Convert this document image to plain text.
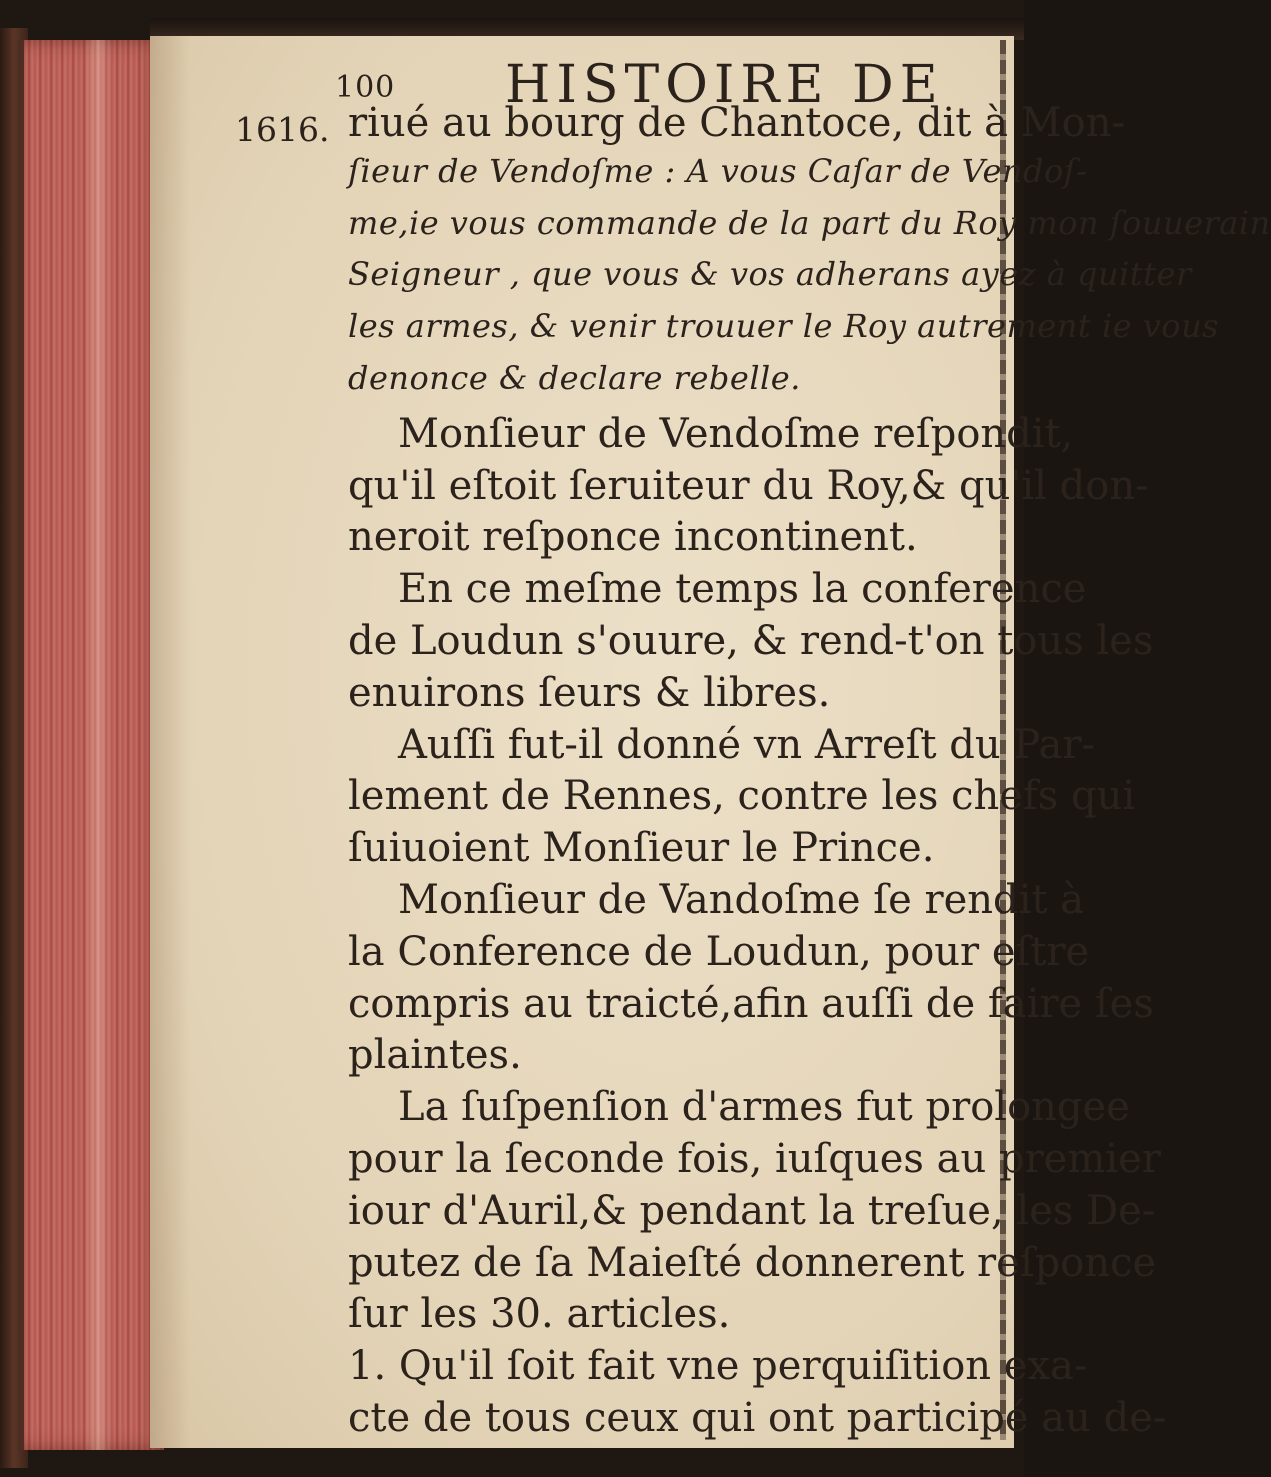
100 HISTOIRE DE
1616. riué au bourg de Chantoce, dit à Mon-
ſieur de Vendoſme : A vous Caſar de Vendoſ-
me,ie vous commande de la part du Roy mon ſouuerain
Seigneur , que vous & vos adherans ayez à quitter
les armes, & venir trouuer le Roy autrement ie vous
denonce & declare rebelle.
Monſieur de Vendoſme reſpondit,
qu'il eſtoit ſeruiteur du Roy,& qu'il don-
neroit reſponce incontinent.
En ce meſme temps la conference
de Loudun s'ouure, & rend-t'on tous les
enuirons ſeurs & libres.
Auſſi fut-il donné vn Arreſt du Par-
lement de Rennes, contre les chefs qui
ſuiuoient Monſieur le Prince.
Monſieur de Vandoſme ſe rendit à
la Conference de Loudun, pour eſtre
compris au traicté,afin auſſi de faire ſes
plaintes.
La ſuſpenſion d'armes fut prolongee
pour la ſeconde fois, iuſques au premier
iour d'Auril,& pendant la treſue, les De-
putez de ſa Maieſté donnerent reſponce
ſur les 30. articles.
1. Qu'il ſoit fait vne perquiſition exa-
cte de tous ceux qui ont participé au de-
